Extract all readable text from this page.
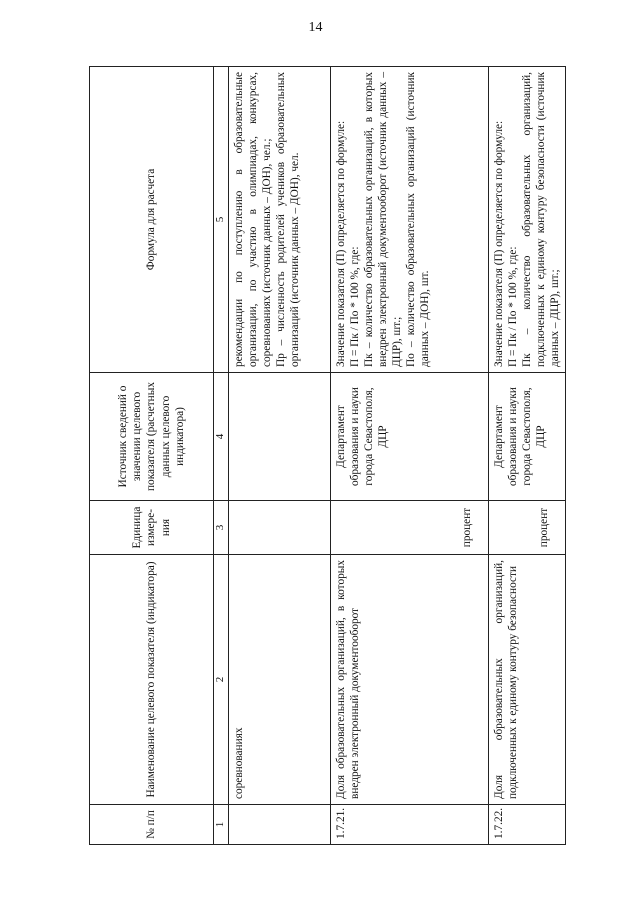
14
№ п/п	Наименование целевого показателя (индикатора)	Единица измере-ния	Источник сведений о значении целевого показателя (расчетных данных целевого индикатора)	Формула для расчета
1	2	3	4	5
	соревнованиях			рекомендации по поступлению в образовательные организации, по участию в олимпиадах, конкурсах, соревнованиях (источник данных – ДОН), чел.; Пр – численность родителей учеников образовательных организаций (источник данных – ДОН), чел.

1.7.21.	Доля образовательных организаций, в которых внедрен электронный документооборот	процент	Департамент образования и науки города Севастополя, ДЦР	Значение показателя (П) определяется по формуле: П = Пк / По * 100 %, где: Пк – количество образовательных организаций, в которых внедрен электронный документооборот (источник данных – ДЦР), шт.; По – количество образовательных организаций (источник данных – ДОН), шт.

1.7.22.	Доля образовательных организаций, подключенных к единому контуру безопасности	процент	Департамент образования и науки города Севастополя, ДЦР	Значение показателя (П) определяется по формуле: П = Пк / По * 100 %, где: Пк – количество образовательных организаций, подключенных к единому контуру безопасности (источник данных – ДЦР), шт.;
